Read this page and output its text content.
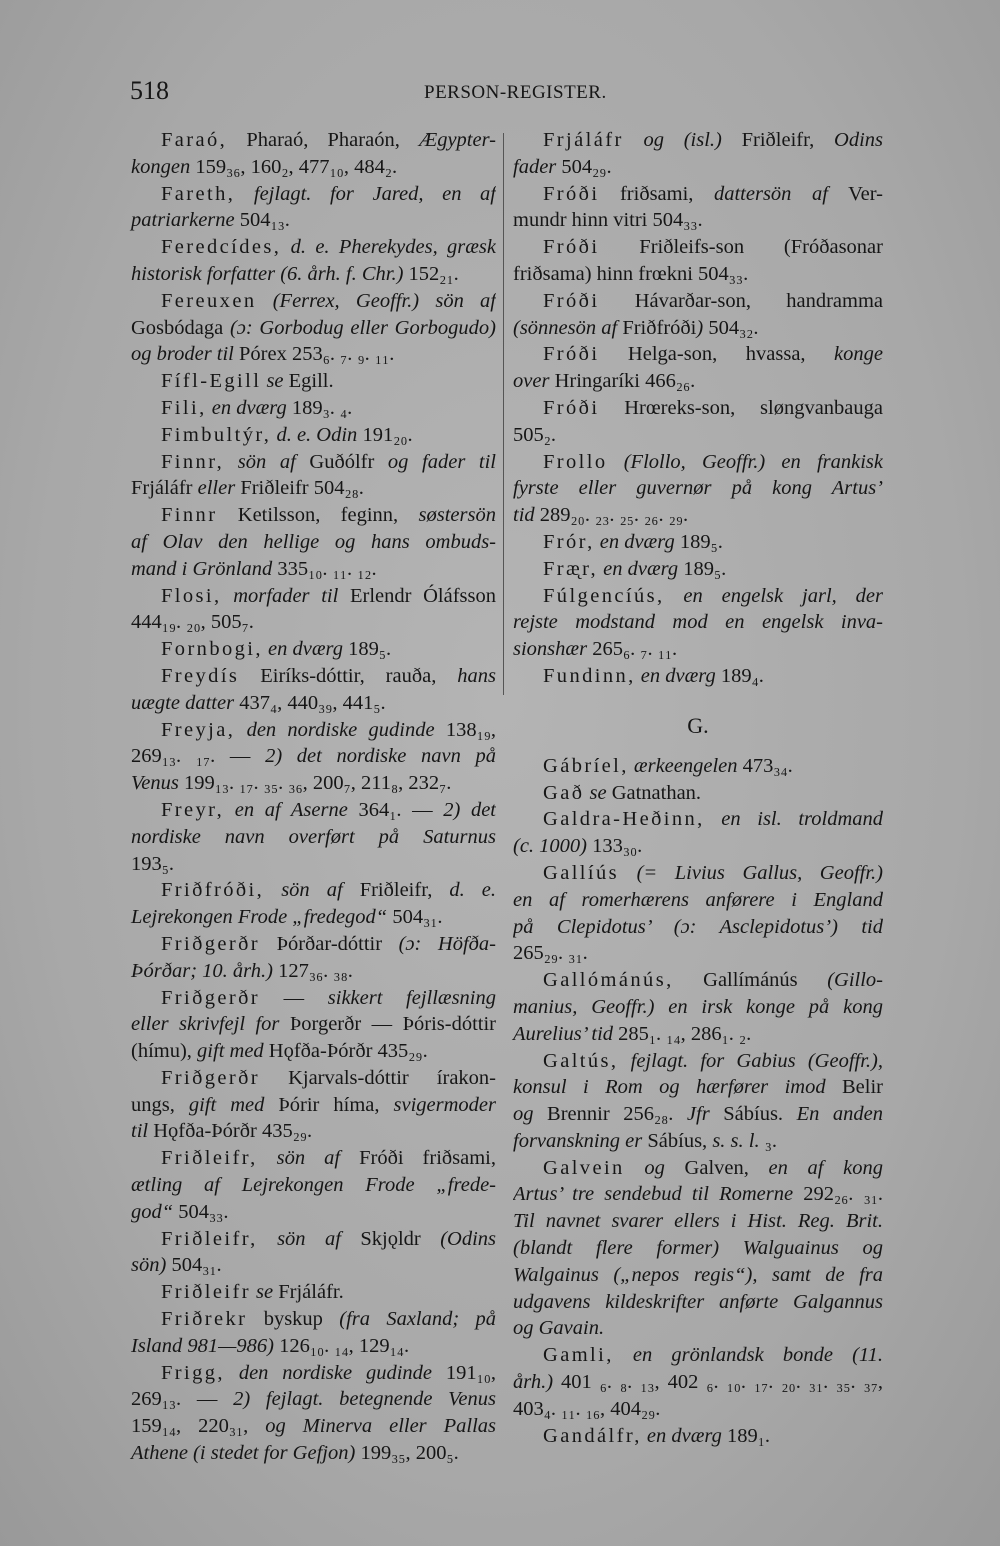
518	PERSON-REGISTER.
Faraó, Pharaó, Pharaón, Ægypter-
kongen 159₃₆, 160₂, 477₁₀, 484₂.
Fareth, fejlagt. for Jared, en af
patriarkerne 504₁₃.
Feredcídes, d. e. Pherekydes, græsk
historisk forfatter (6. årh. f. Chr.) 152₂₁.
Fereuxen (Ferrex, Geoffr.) sön af
Gosbódaga (ɔ: Gorbodug eller Gorbogudo)
og broder til Pórex 253₆. ₇. ₉. ₁₁.
Fífl-Egill se Egill.
Fili, en dværg 189₃. ₄.
Fimbultýr, d. e. Odin 191₂₀.
Finnr, sön af Guðólfr og fader til
Frjáláfr eller Friðleifr 504₂₈.
Finnr Ketilsson, feginn, søstersön
af Olav den hellige og hans ombuds-
mand i Grönland 335₁₀. ₁₁. ₁₂.
Flosi, morfader til Erlendr Óláfsson
444₁₉. ₂₀, 505₇.
Fornbogi, en dværg 189₅.
Freydís Eiríks-dóttir, rauða, hans
uægte datter 437₄, 440₃₉, 441₅.
Freyja, den nordiske gudinde 138₁₉,
269₁₃. ₁₇. — 2) det nordiske navn på
Venus 199₁₃. ₁₇. ₃₅. ₃₆, 200₇, 211₈, 232₇.
Freyr, en af Aserne 364₁. — 2) det
nordiske navn overført på Saturnus
193₅.
Friðfróði, sön af Friðleifr, d. e.
Lejrekongen Frode „fredegod“ 504₃₁.
Friðgerðr Þórðar-dóttir (ɔ: Höfða-
Þórðar; 10. årh.) 127₃₆. ₃₈.
Friðgerðr — sikkert fejllæsning
eller skrivfejl for Þorgerðr — Þóris-dóttir
(hímu), gift med Hǫfða-Þórðr 435₂₉.
Friðgerðr Kjarvals-dóttir írakon-
ungs, gift med Þórir híma, svigermoder
til Hǫfða-Þórðr 435₂₉.
Friðleifr, sön af Fróði friðsami,
ætling af Lejrekongen Frode „frede-
god“ 504₃₃.
Friðleifr, sön af Skjǫldr (Odins
sön) 504₃₁.
Friðleifr se Frjáláfr.
Friðrekr byskup (fra Saxland; på
Island 981—986) 126₁₀. ₁₄, 129₁₄.
Frigg, den nordiske gudinde 191₁₀,
269₁₃. — 2) fejlagt. betegnende Venus
159₁₄, 220₃₁, og Minerva eller Pallas
Athene (i stedet for Gefjon) 199₃₅, 200₅.
Frjáláfr og (isl.) Friðleifr, Odins
fader 504₂₉.
Fróði friðsami, dattersön af Ver-
mundr hinn vitri 504₃₃.
Fróði Friðleifs-son (Fróðasonar
friðsama) hinn frœkni 504₃₃.
Fróði Hávarðar-son, handramma
(sönnesön af Friðfróði) 504₃₂.
Fróði Helga-son, hvassa, konge
over Hringaríki 466₂₆.
Fróði Hrœreks-son, sløngvanbauga
505₂.
Frollo (Flollo, Geoffr.) en frankisk
fyrste eller guvernør på kong Artus’
tid 289₂₀. ₂₃. ₂₅. ₂₆. ₂₉.
Frór, en dværg 189₅.
Fræ̨r, en dværg 189₅.
Fúlgencíús, en engelsk jarl, der
rejste modstand mod en engelsk inva-
sionshær 265₆. ₇. ₁₁.
Fundinn, en dværg 189₄.
G.
Gábríel, ærkeengelen 473₃₄.
Gað se Gatnathan.
Galdra-Heðinn, en isl. troldmand
(c. 1000) 133₃₀.
Gallíús (= Livius Gallus, Geoffr.)
en af romerhærens anførere i England
på Clepidotus’ (ɔ: Asclepidotus’) tid
265₂₉. ₃₁.
Gallómánús, Gallímánús (Gillo-
manius, Geoffr.) en irsk konge på kong
Aurelius’ tid 285₁. ₁₄, 286₁. ₂.
Galtús, fejlagt. for Gabius (Geoffr.),
konsul i Rom og hærfører imod Belir
og Brennir 256₂₈. Jfr Sábíus. En anden
forvanskning er Sábíus, s. s. l. ₃.
Galvein og Galven, en af kong
Artus’ tre sendebud til Romerne 292₂₆. ₃₁.
Til navnet svarer ellers i Hist. Reg. Brit.
(blandt flere former) Walguainus og
Walgainus („nepos regis“), samt de fra
udgavens kildeskrifter anførte Galgannus
og Gavain.
Gamli, en grönlandsk bonde (11.
årh.) 401 ₆. ₈. ₁₃, 402 ₆. ₁₀. ₁₇. ₂₀. ₃₁. ₃₅. ₃₇,
403₄. ₁₁. ₁₆, 404₂₉.
Gandálfr, en dværg 189₁.
